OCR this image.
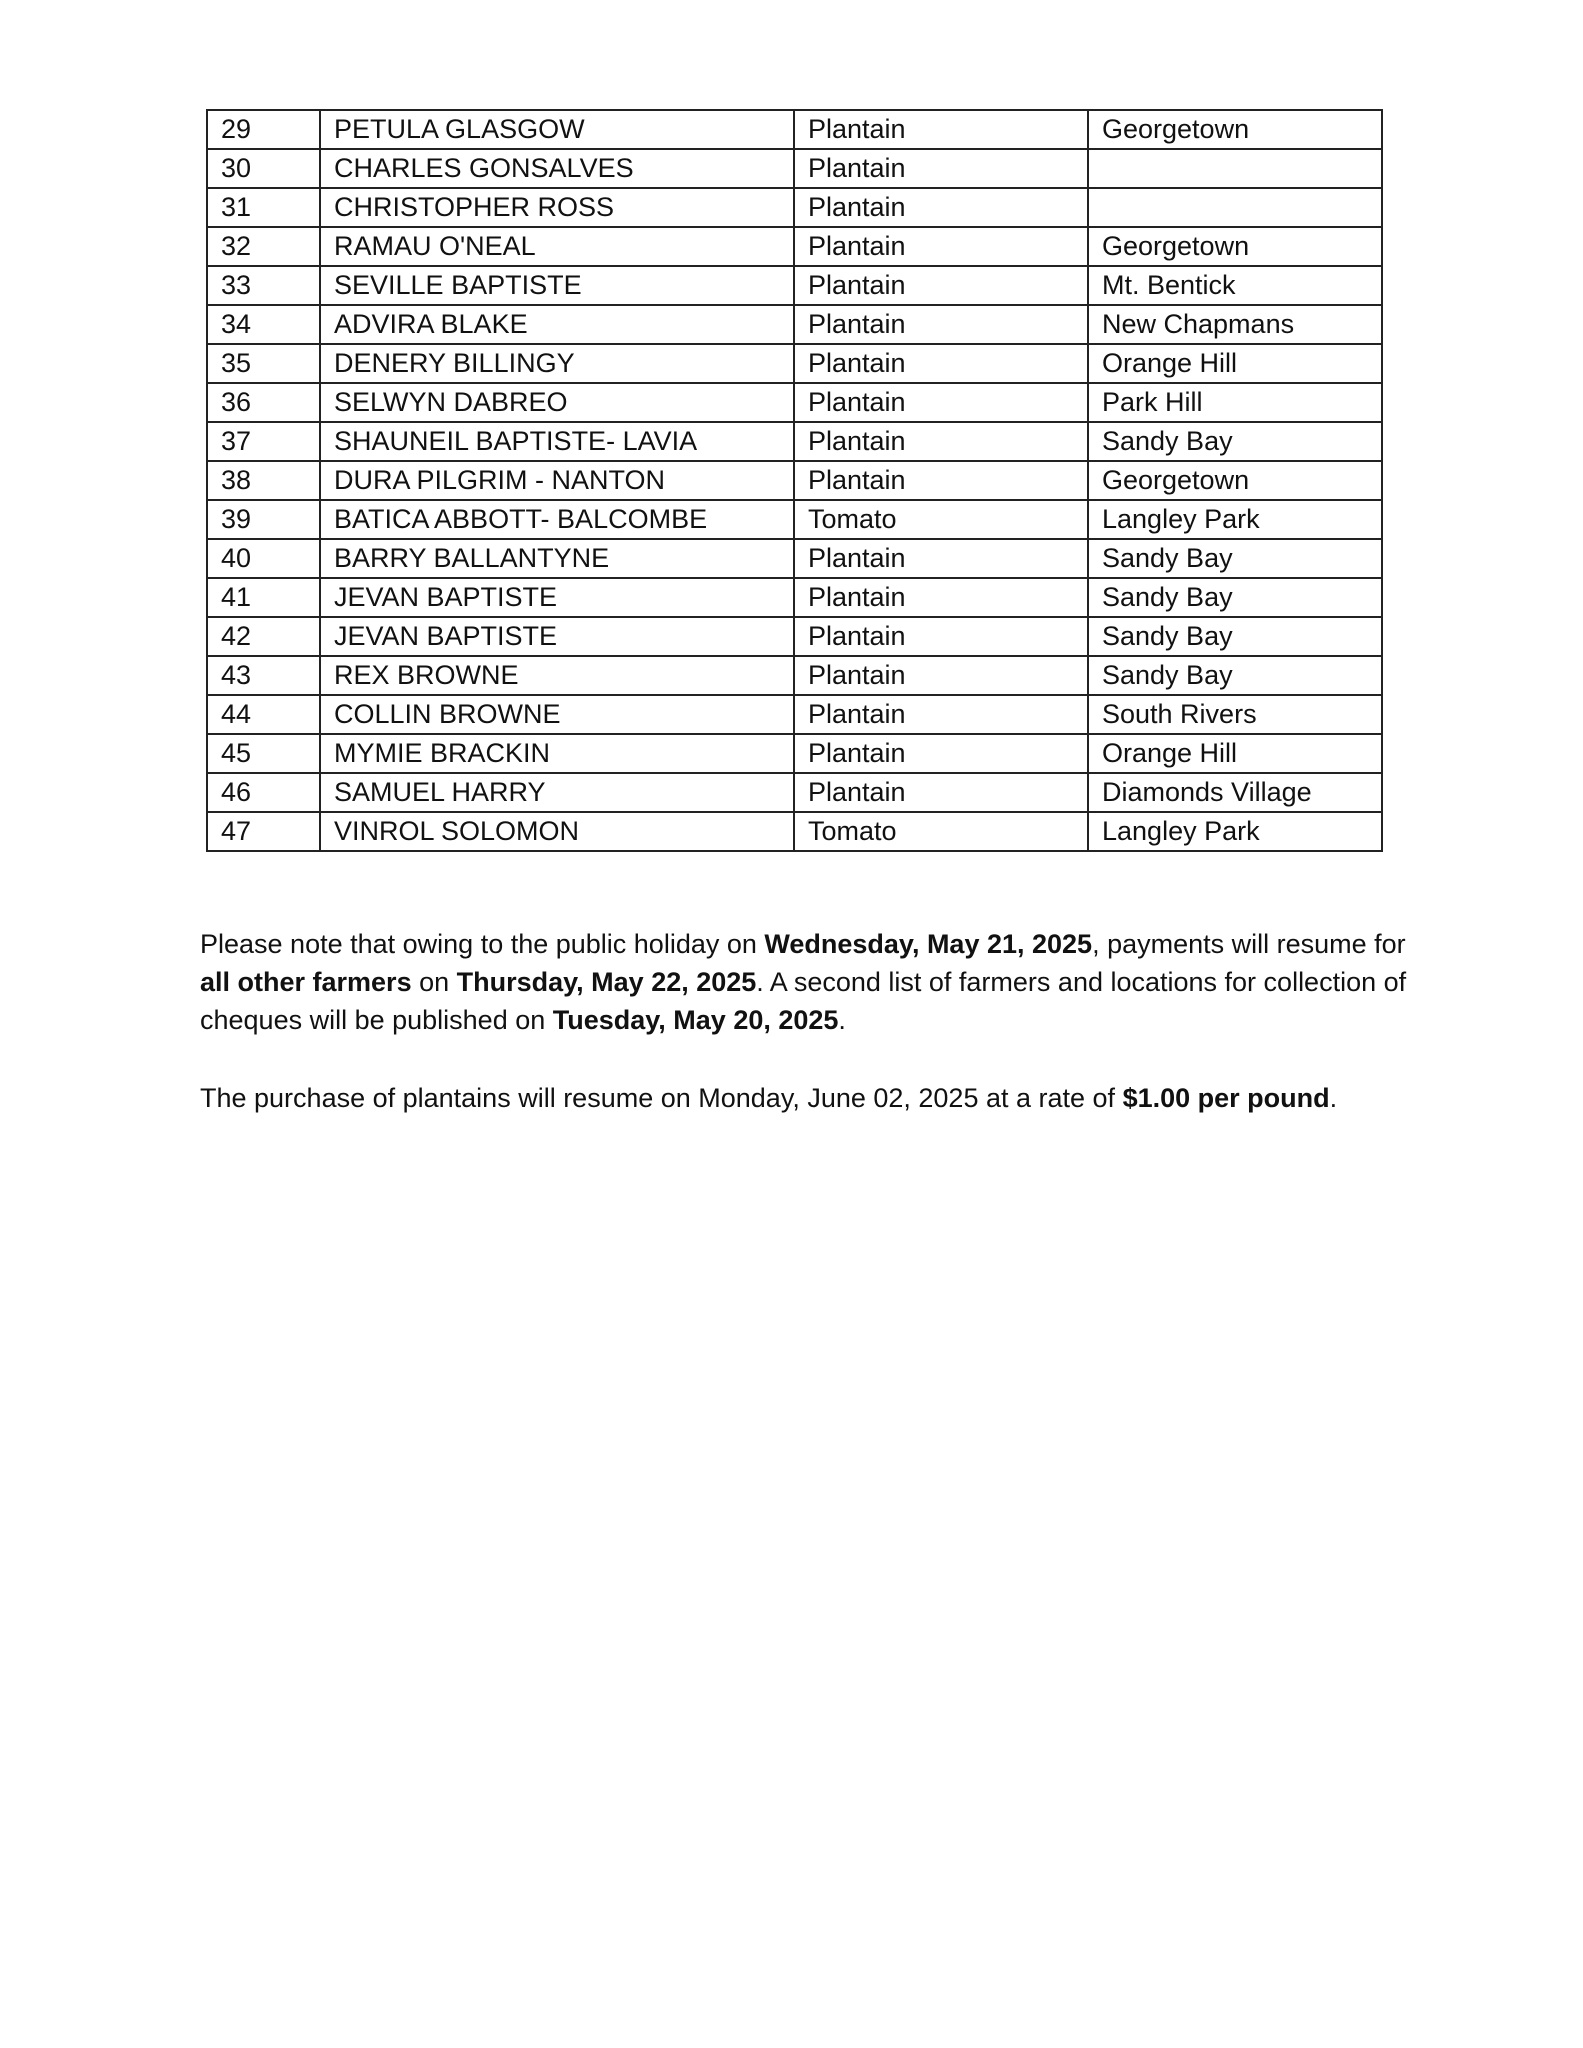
29	PETULA GLASGOW	Plantain	Georgetown
30	CHARLES GONSALVES	Plantain	
31	CHRISTOPHER ROSS	Plantain	
32	RAMAU O'NEAL	Plantain	Georgetown
33	SEVILLE BAPTISTE	Plantain	Mt. Bentick
34	ADVIRA BLAKE	Plantain	New Chapmans
35	DENERY BILLINGY	Plantain	Orange Hill
36	SELWYN DABREO	Plantain	Park Hill
37	SHAUNEIL BAPTISTE- LAVIA	Plantain	Sandy Bay
38	DURA PILGRIM - NANTON	Plantain	Georgetown
39	BATICA ABBOTT- BALCOMBE	Tomato	Langley Park
40	BARRY BALLANTYNE	Plantain	Sandy Bay
41	JEVAN BAPTISTE	Plantain	Sandy Bay
42	JEVAN BAPTISTE	Plantain	Sandy Bay
43	REX BROWNE	Plantain	Sandy Bay
44	COLLIN BROWNE	Plantain	South Rivers
45	MYMIE BRACKIN	Plantain	Orange Hill
46	SAMUEL HARRY	Plantain	Diamonds Village
47	VINROL SOLOMON	Tomato	Langley Park

Please note that owing to the public holiday on Wednesday, May 21, 2025, payments will resume for all other farmers on Thursday, May 22, 2025. A second list of farmers and locations for collection of cheques will be published on Tuesday, May 20, 2025.

The purchase of plantains will resume on Monday, June 02, 2025 at a rate of $1.00 per pound.
